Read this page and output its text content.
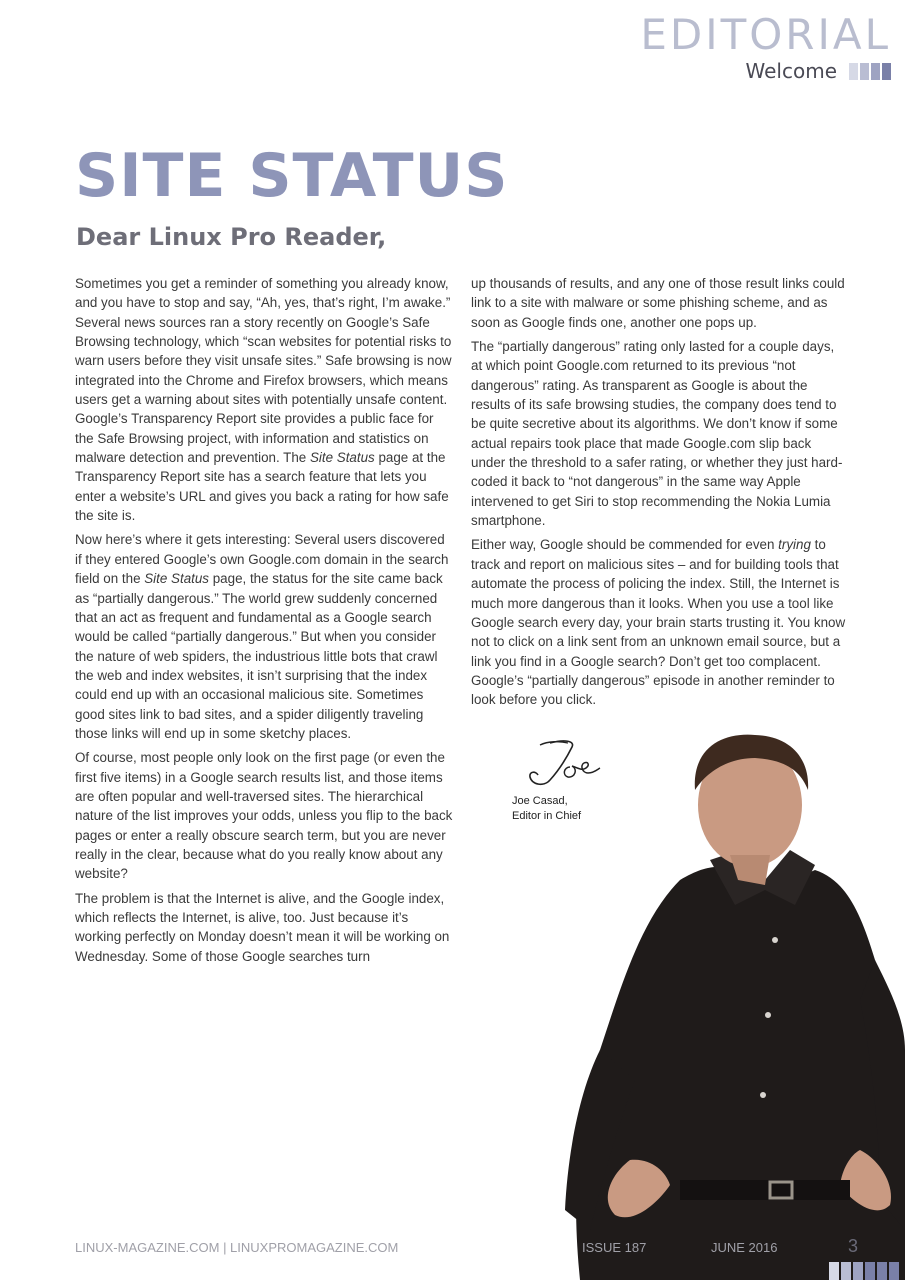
EDITORIAL
Welcome
SITE STATUS
Dear Linux Pro Reader,

Sometimes you get a reminder of something you already know, and you have to stop and say, “Ah, yes, that’s right, I’m awake.” Several news sources ran a story recently on Google’s Safe Browsing technology, which “scan websites for potential risks to warn users before they visit unsafe sites.” Safe browsing is now integrated into the Chrome and Firefox browsers, which means users get a warning about sites with potentially unsafe content. Google’s Transparency Report site provides a public face for the Safe Browsing project, with information and statistics on malware detection and prevention. The Site Status page at the Transparency Report site has a search feature that lets you enter a website’s URL and gives you back a rating for how safe the site is.

Now here’s where it gets interesting: Several users discovered if they entered Google’s own Google.com domain in the search field on the Site Status page, the status for the site came back as “partially dangerous.” The world grew suddenly concerned that an act as frequent and fundamental as a Google search would be called “partially dangerous.” But when you consider the nature of web spiders, the industrious little bots that crawl the web and index websites, it isn’t surprising that the index could end up with an occasional malicious site. Sometimes good sites link to bad sites, and a spider diligently traveling those links will end up in some sketchy places.

Of course, most people only look on the first page (or even the first five items) in a Google search results list, and those items are often popular and well-traversed sites. The hierarchical nature of the list improves your odds, unless you flip to the back pages or enter a really obscure search term, but you are never really in the clear, because what do you really know about any website?

The problem is that the Internet is alive, and the Google index, which reflects the Internet, is alive, too. Just because it’s working perfectly on Monday doesn’t mean it will be working on Wednesday. Some of those Google searches turn

up thousands of results, and any one of those result links could link to a site with malware or some phishing scheme, and as soon as Google finds one, another one pops up.

The “partially dangerous” rating only lasted for a couple days, at which point Google.com returned to its previous “not dangerous” rating. As transparent as Google is about the results of its safe browsing studies, the company does tend to be quite secretive about its algorithms. We don’t know if some actual repairs took place that made Google.com slip back under the threshold to a safer rating, or whether they just hard-coded it back to “not dangerous” in the same way Apple intervened to get Siri to stop recommending the Nokia Lumia smartphone.

Either way, Google should be commended for even trying to track and report on malicious sites – and for building tools that automate the process of policing the index. Still, the Internet is much more dangerous than it looks. When you use a tool like Google search every day, your brain starts trusting it. You know not to click on a link sent from an unknown email source, but a link you find in a Google search? Don’t get too complacent. Google’s “partially dangerous” episode in another reminder to look before you click.

Joe Casad,
Editor in Chief
LINUX-MAGAZINE.COM | LINUXPROMAGAZINE.COM	ISSUE 187	JUNE 2016	3
